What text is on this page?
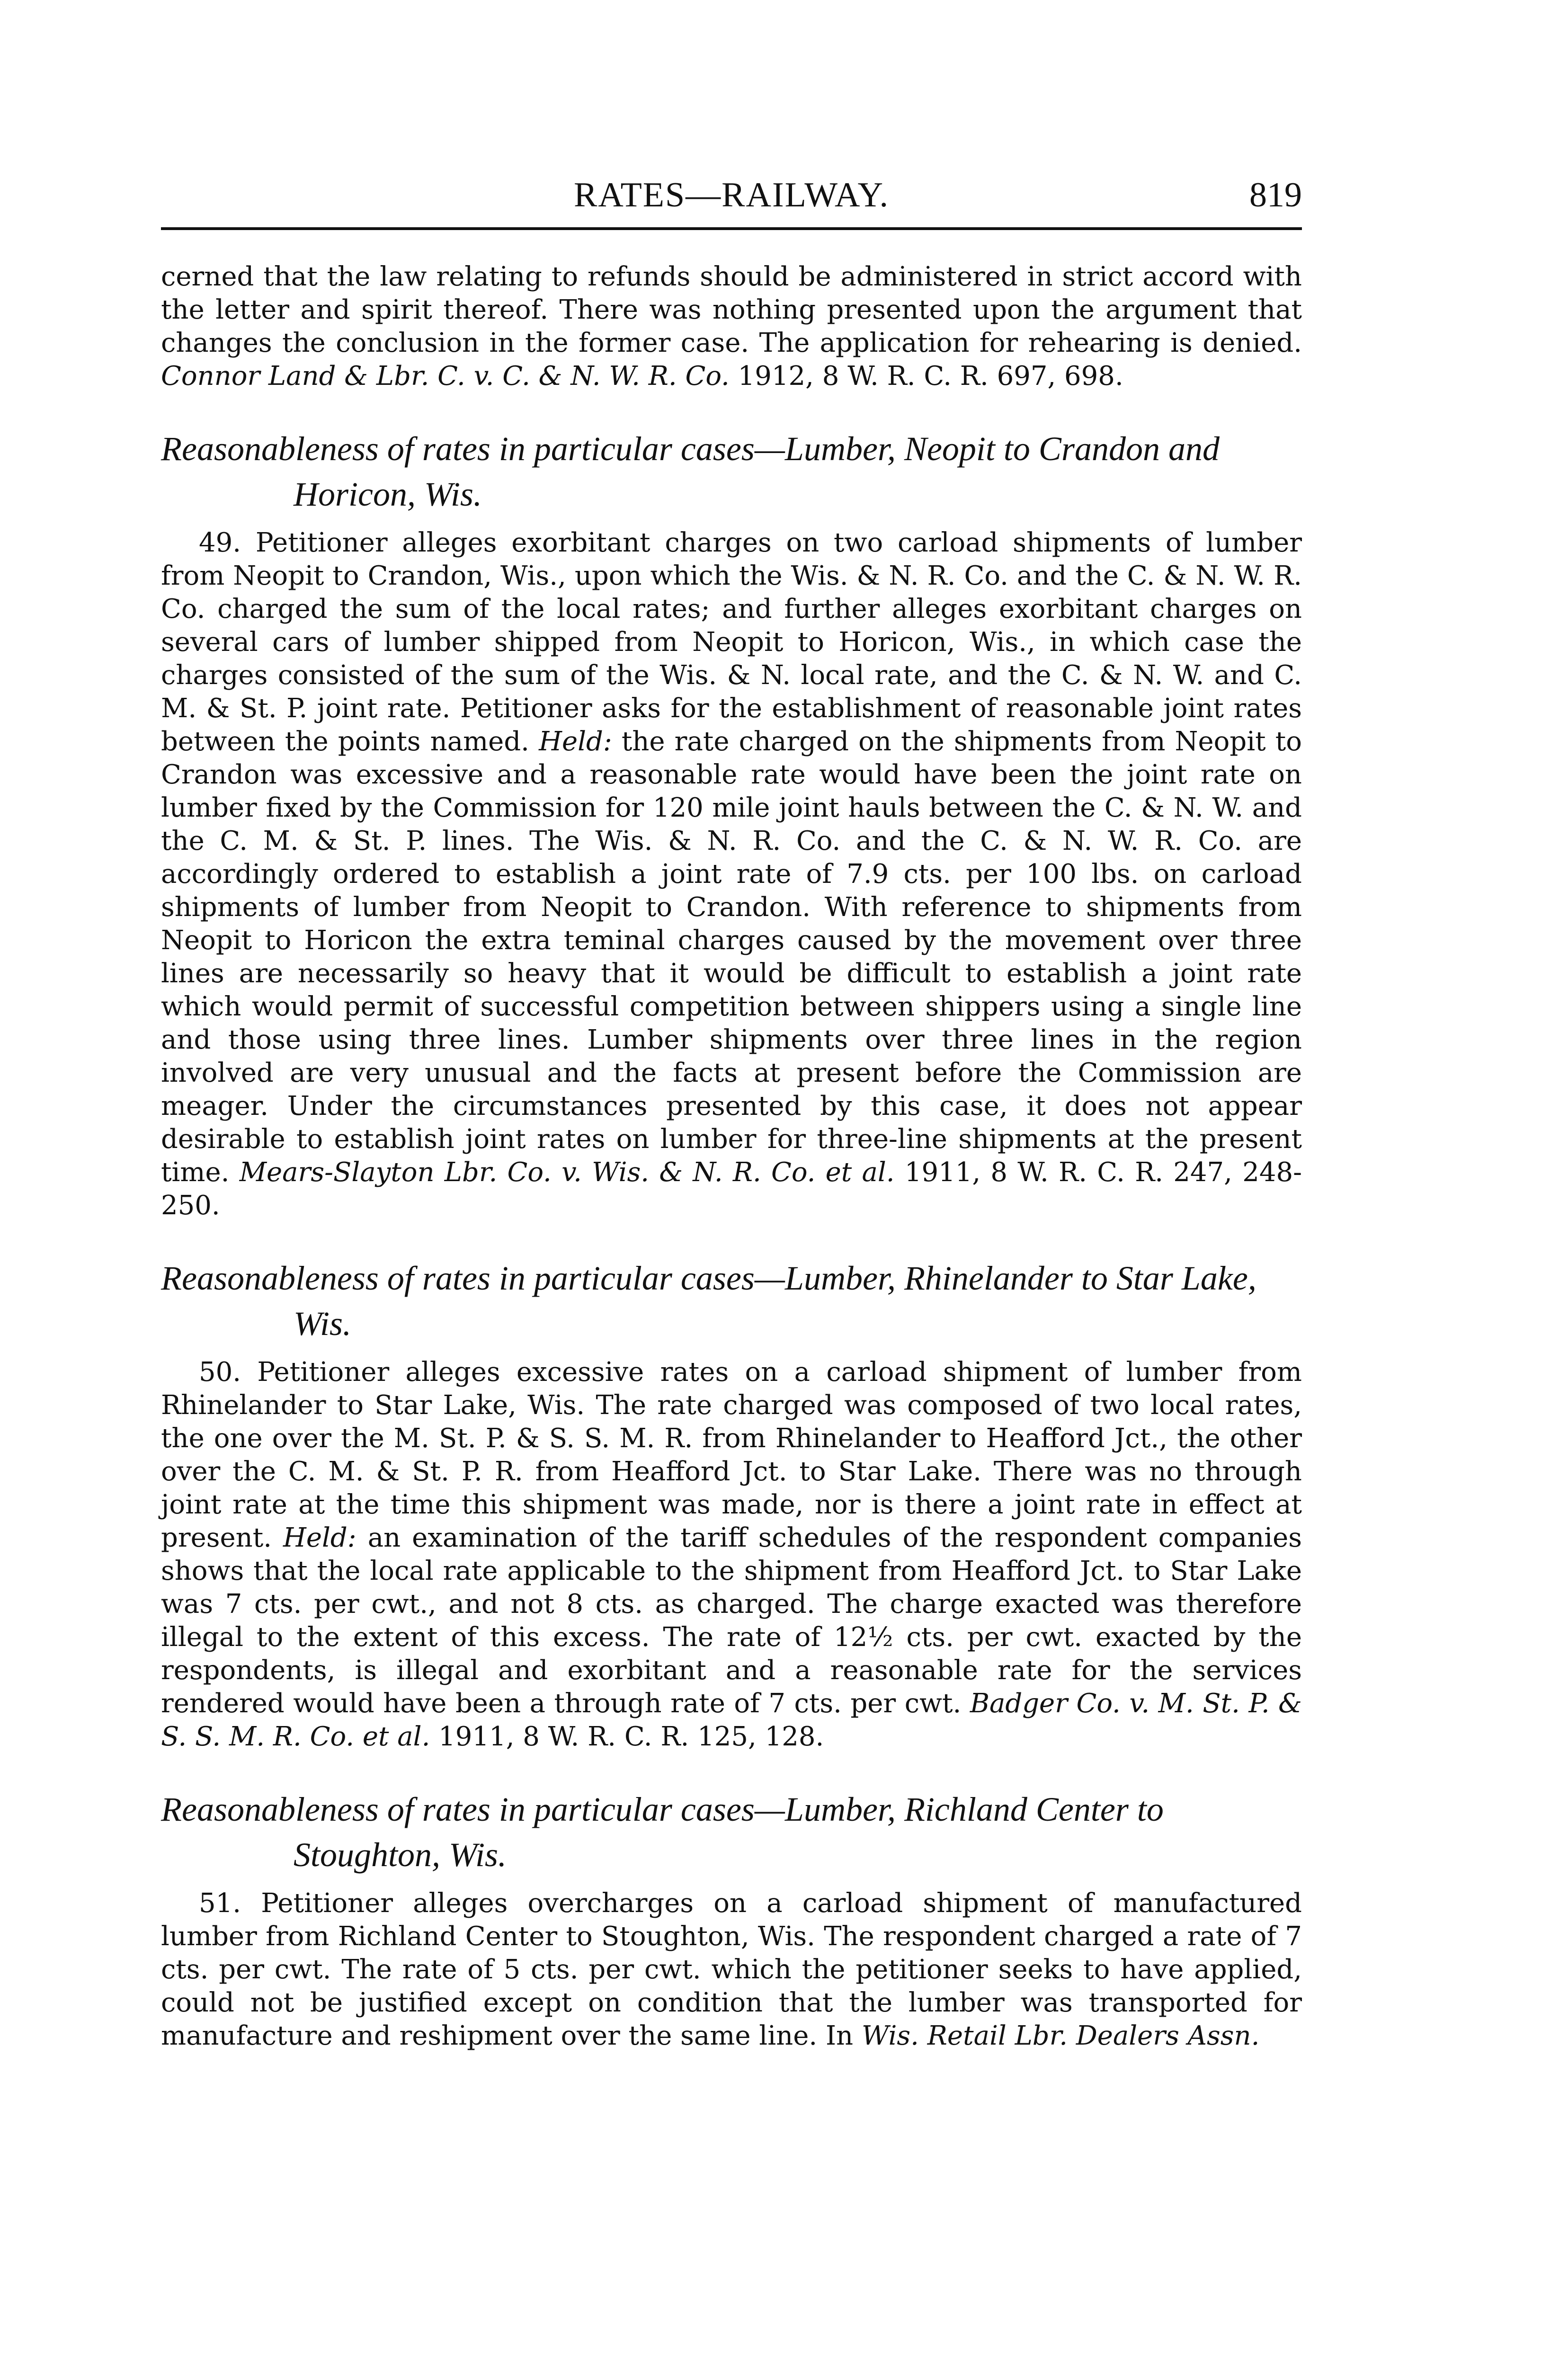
RATES—RAILWAY.	819

cerned that the law relating to refunds should be administered in strict accord with the letter and spirit thereof. There was nothing presented upon the argument that changes the conclusion in the former case. The application for rehearing is denied. Connor Land & Lbr. C. v. C. & N. W. R. Co. 1912, 8 W. R. C. R. 697, 698.

Reasonableness of rates in particular cases—Lumber, Neopit to Crandon and Horicon, Wis.

49. Petitioner alleges exorbitant charges on two carload shipments of lumber from Neopit to Crandon, Wis., upon which the Wis. & N. R. Co. and the C. & N. W. R. Co. charged the sum of the local rates; and further alleges exorbitant charges on several cars of lumber shipped from Neopit to Horicon, Wis., in which case the charges consisted of the sum of the Wis. & N. local rate, and the C. & N. W. and C. M. & St. P. joint rate. Petitioner asks for the establishment of reasonable joint rates between the points named. Held: the rate charged on the shipments from Neopit to Crandon was excessive and a reasonable rate would have been the joint rate on lumber fixed by the Commission for 120 mile joint hauls between the C. & N. W. and the C. M. & St. P. lines. The Wis. & N. R. Co. and the C. & N. W. R. Co. are accordingly ordered to establish a joint rate of 7.9 cts. per 100 lbs. on carload shipments of lumber from Neopit to Crandon. With reference to shipments from Neopit to Horicon the extra teminal charges caused by the movement over three lines are necessarily so heavy that it would be difficult to establish a joint rate which would permit of successful competition between shippers using a single line and those using three lines. Lumber shipments over three lines in the region involved are very unusual and the facts at present before the Commission are meager. Under the circumstances presented by this case, it does not appear desirable to establish joint rates on lumber for three-line shipments at the present time. Mears-Slayton Lbr. Co. v. Wis. & N. R. Co. et al. 1911, 8 W. R. C. R. 247, 248-250.

Reasonableness of rates in particular cases—Lumber, Rhinelander to Star Lake, Wis.

50. Petitioner alleges excessive rates on a carload shipment of lumber from Rhinelander to Star Lake, Wis. The rate charged was composed of two local rates, the one over the M. St. P. & S. S. M. R. from Rhinelander to Heafford Jct., the other over the C. M. & St. P. R. from Heafford Jct. to Star Lake. There was no through joint rate at the time this shipment was made, nor is there a joint rate in effect at present. Held: an examination of the tariff schedules of the respondent companies shows that the local rate applicable to the shipment from Heafford Jct. to Star Lake was 7 cts. per cwt., and not 8 cts. as charged. The charge exacted was therefore illegal to the extent of this excess. The rate of 12½ cts. per cwt. exacted by the respondents, is illegal and exorbitant and a reasonable rate for the services rendered would have been a through rate of 7 cts. per cwt. Badger Co. v. M. St. P. & S. S. M. R. Co. et al. 1911, 8 W. R. C. R. 125, 128.

Reasonableness of rates in particular cases—Lumber, Richland Center to Stoughton, Wis.

51. Petitioner alleges overcharges on a carload shipment of manufactured lumber from Richland Center to Stoughton, Wis. The respondent charged a rate of 7 cts. per cwt. The rate of 5 cts. per cwt. which the petitioner seeks to have applied, could not be justified except on condition that the lumber was transported for manufacture and reshipment over the same line. In Wis. Retail Lbr. Dealers Assn.
